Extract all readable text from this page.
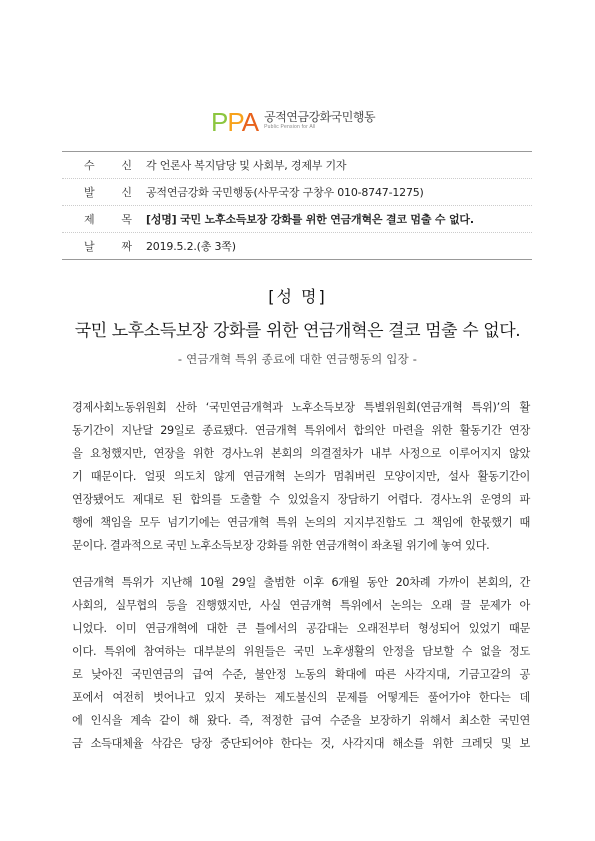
PPA 공적연금강화국민행동
Public Pension for All
수 신 각 언론사 복지담당 및 사회부, 경제부 기자
발 신 공적연금강화 국민행동(사무국장 구창우 010-8747-1275)
제 목 [성명] 국민 노후소득보장 강화를 위한 연금개혁은 결코 멈출 수 없다.
날 짜 2019.5.2.(총 3쪽)
[성 명]
국민 노후소득보장 강화를 위한 연금개혁은 결코 멈출 수 없다.
- 연금개혁 특위 종료에 대한 연금행동의 입장 -
경제사회노동위원회 산하 ‘국민연금개혁과 노후소득보장 특별위원회(연금개혁 특위)’의 활
동기간이 지난달 29일로 종료됐다. 연금개혁 특위에서 합의안 마련을 위한 활동기간 연장
을 요청했지만, 연장을 위한 경사노위 본회의 의결절차가 내부 사정으로 이루어지지 않았
기 때문이다. 얼핏 의도치 않게 연금개혁 논의가 멈춰버린 모양이지만, 설사 활동기간이
연장됐어도 제대로 된 합의를 도출할 수 있었을지 장담하기 어렵다. 경사노위 운영의 파
행에 책임을 모두 넘기기에는 연금개혁 특위 논의의 지지부진함도 그 책임에 한몫했기 때
문이다. 결과적으로 국민 노후소득보장 강화를 위한 연금개혁이 좌초될 위기에 놓여 있다.
연금개혁 특위가 지난해 10월 29일 출범한 이후 6개월 동안 20차례 가까이 본회의, 간
사회의, 실무협의 등을 진행했지만, 사실 연금개혁 특위에서 논의는 오래 끌 문제가 아
니었다. 이미 연금개혁에 대한 큰 틀에서의 공감대는 오래전부터 형성되어 있었기 때문
이다. 특위에 참여하는 대부분의 위원들은 국민 노후생활의 안정을 담보할 수 없을 정도
로 낮아진 국민연금의 급여 수준, 불안정 노동의 확대에 따른 사각지대, 기금고갈의 공
포에서 여전히 벗어나고 있지 못하는 제도불신의 문제를 어떻게든 풀어가야 한다는 데
에 인식을 계속 같이 해 왔다. 즉, 적정한 급여 수준을 보장하기 위해서 최소한 국민연
금 소득대체율 삭감은 당장 중단되어야 한다는 것, 사각지대 해소를 위한 크레딧 및 보
